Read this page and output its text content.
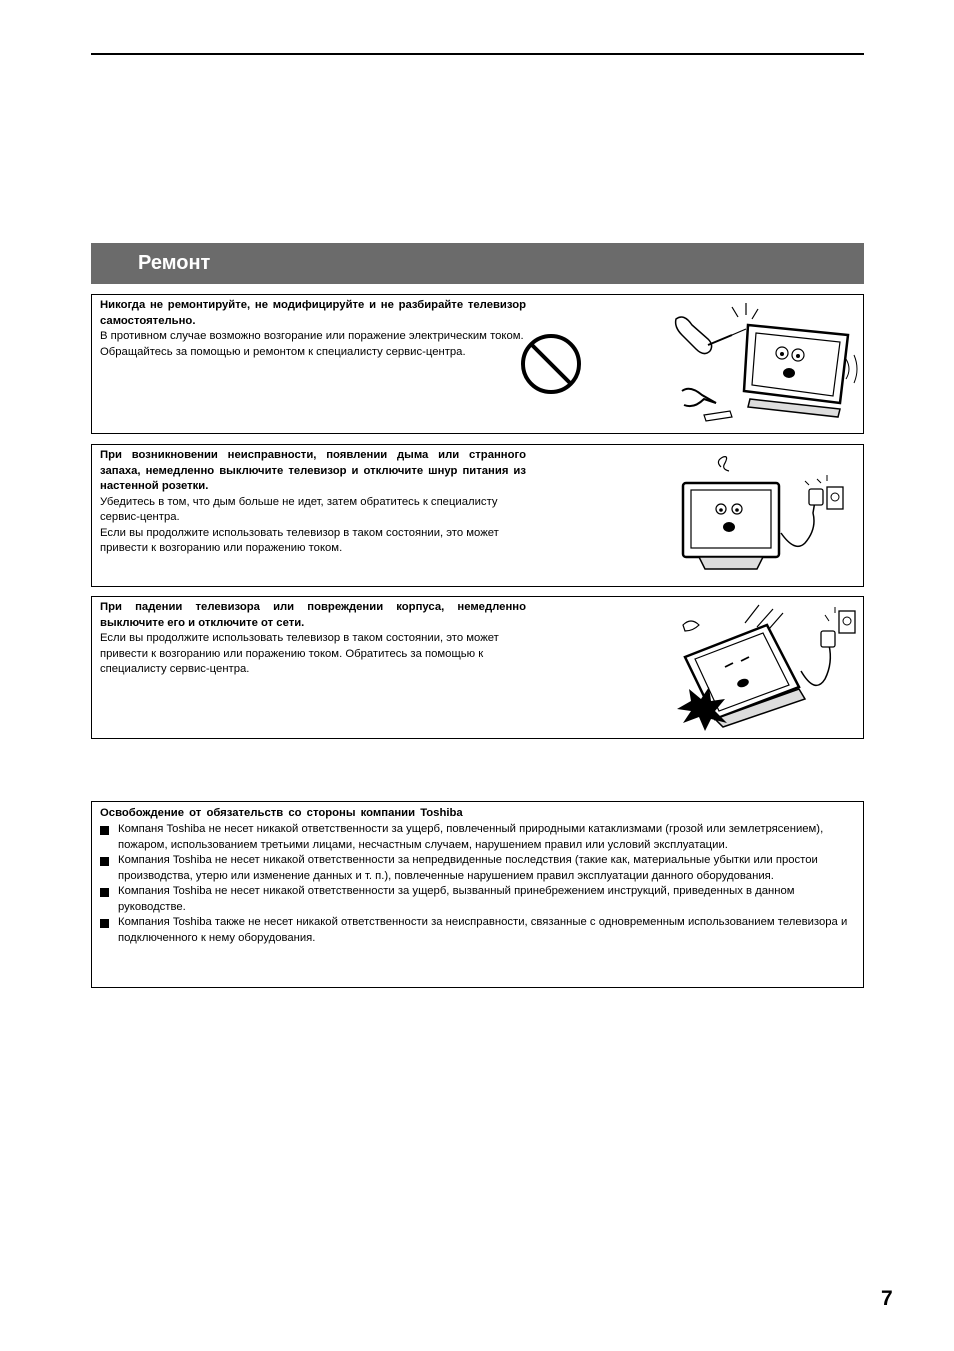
Ремонт

Никогда не ремонтируйте, не модифицируйте и не разбирайте телевизор самостоятельно.

В противном случае возможно возгорание или поражение электрическим током. Обращайтесь за помощью и ремонтом к специалисту сервис-центра.

При возникновении неисправности, появлении дыма или странного запаха, немедленно выключите телевизор и отключите шнур питания из настенной розетки.

Убедитесь в том, что дым больше не идет, затем обратитесь к специалисту сервис-центра.

Если вы продолжите использовать телевизор в таком состоянии, это может привести к возгоранию или поражению током.

При падении телевизора или повреждении корпуса, немедленно выключите его и отключите от сети.

Если вы продолжите использовать телевизор в таком состоянии, это может привести к возгоранию или поражению током. Обратитесь за помощью к специалисту сервис-центра.

Освобождение от обязательств со стороны компании Toshiba
Компаня Toshiba не несет никакой ответственности за ущерб, повлеченный природными катаклизмами (грозой или землетрясением), пожаром, использованием третьими лицами, несчастным случаем, нарушением правил или условий эксплуатации.
Компания Toshiba не несет никакой ответственности за непредвиденные последствия (такие как, материальные убытки или простои производства, утерю или изменение данных и т. п.), повлеченные нарушением правил эксплуатации данного оборудования.
Компания Toshiba не несет никакой ответственности за ущерб, вызванный принебрежением инструкций, приведенных в данном руководстве.
Компания Toshiba также не несет никакой ответственности за неисправности, связанные с одновременным использованием телевизора и подключенного к нему оборудования.
7
